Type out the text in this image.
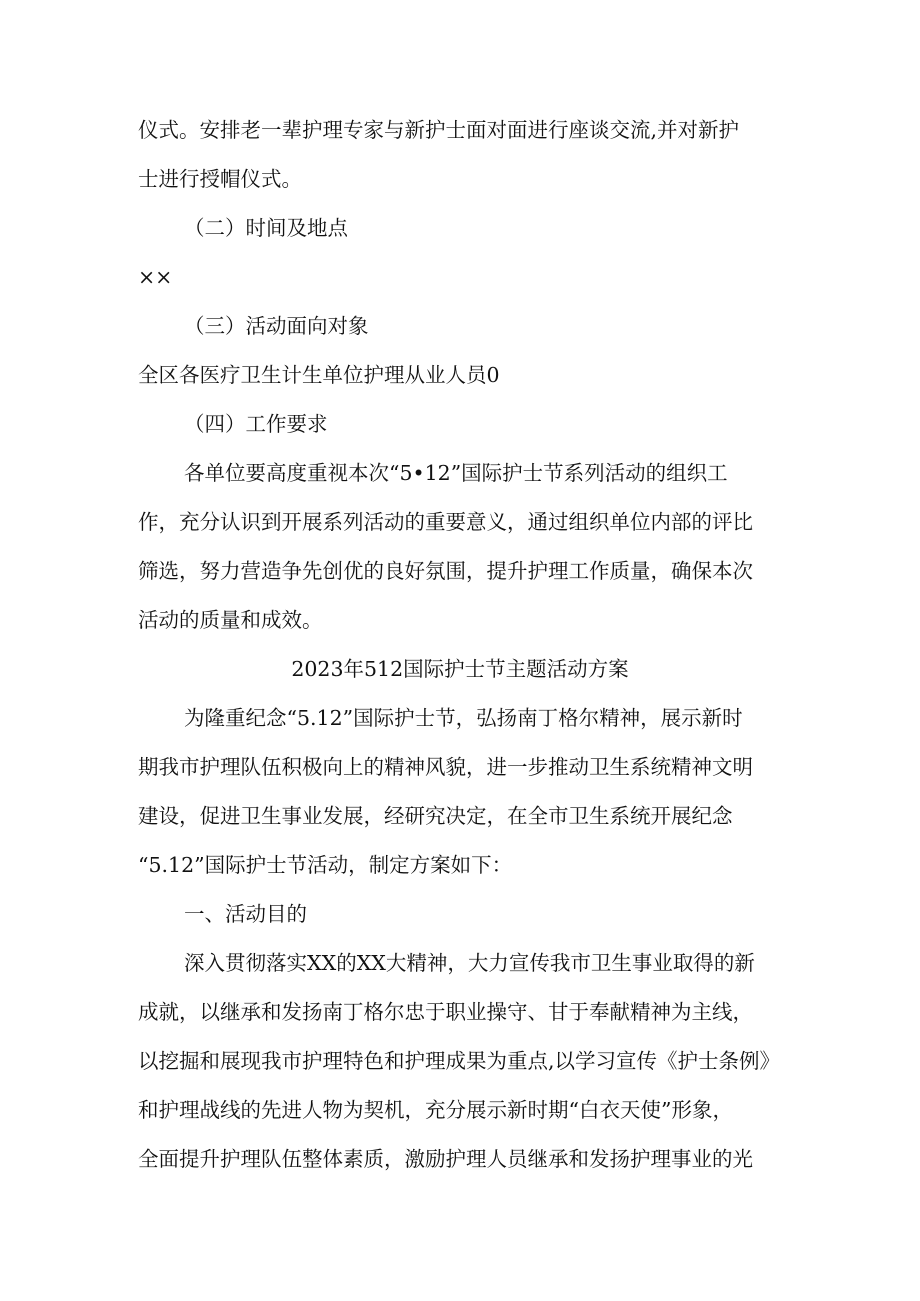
仪式。安排老一辈护理专家与新护士面对面进行座谈交流,并对新护
士进行授帽仪式。
（二）时间及地点
××
（三）活动面向对象
全区各医疗卫生计生单位护理从业人员0
（四）工作要求
各单位要高度重视本次“5•12”国际护士节系列活动的组织工
作，充分认识到开展系列活动的重要意义，通过组织单位内部的评比
筛选，努力营造争先创优的良好氛围，提升护理工作质量，确保本次
活动的质量和成效。
2023年512国际护士节主题活动方案
为隆重纪念“5.12”国际护士节，弘扬南丁格尔精神，展示新时
期我市护理队伍积极向上的精神风貌，进一步推动卫生系统精神文明
建设，促进卫生事业发展，经研究决定，在全市卫生系统开展纪念
“5.12”国际护士节活动，制定方案如下：
一、活动目的
深入贯彻落实XX的XX大精神，大力宣传我市卫生事业取得的新
成就，以继承和发扬南丁格尔忠于职业操守、甘于奉献精神为主线，
以挖掘和展现我市护理特色和护理成果为重点,以学习宣传《护士条例》
和护理战线的先进人物为契机，充分展示新时期“白衣天使”形象，
全面提升护理队伍整体素质，激励护理人员继承和发扬护理事业的光
